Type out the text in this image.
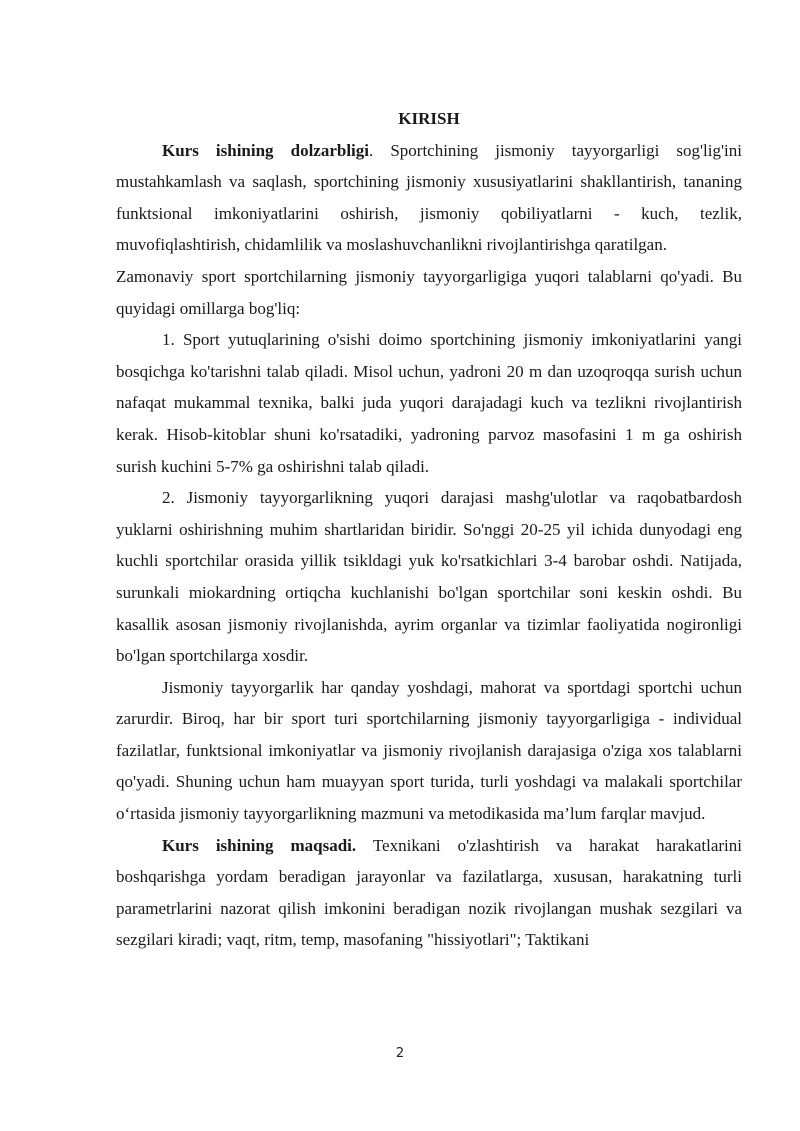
KIRISH

Kurs ishining dolzarbligi. Sportchining jismoniy tayyorgarligi sog'lig'ini mustahkamlash va saqlash, sportchining jismoniy xususiyatlarini shakllantirish, tananing funktsional imkoniyatlarini oshirish, jismoniy qobiliyatlarni - kuch, tezlik, muvofiqlashtirish, chidamlilik va moslashuvchanlikni rivojlantirishga qaratilgan.

Zamonaviy sport sportchilarning jismoniy tayyorgarligiga yuqori talablarni qo'yadi. Bu quyidagi omillarga bog'liq:

1. Sport yutuqlarining o'sishi doimo sportchining jismoniy imkoniyatlarini yangi bosqichga ko'tarishni talab qiladi. Misol uchun, yadroni 20 m dan uzoqroqqa surish uchun nafaqat mukammal texnika, balki juda yuqori darajadagi kuch va tezlikni rivojlantirish kerak. Hisob-kitoblar shuni ko'rsatadiki, yadroning parvoz masofasini 1 m ga oshirish surish kuchini 5-7% ga oshirishni talab qiladi.

2. Jismoniy tayyorgarlikning yuqori darajasi mashg'ulotlar va raqobatbardosh yuklarni oshirishning muhim shartlaridan biridir. So'nggi 20-25 yil ichida dunyodagi eng kuchli sportchilar orasida yillik tsikldagi yuk ko'rsatkichlari 3-4 barobar oshdi. Natijada, surunkali miokardning ortiqcha kuchlanishi bo'lgan sportchilar soni keskin oshdi. Bu kasallik asosan jismoniy rivojlanishda, ayrim organlar va tizimlar faoliyatida nogironligi bo'lgan sportchilarga xosdir.

Jismoniy tayyorgarlik har qanday yoshdagi, mahorat va sportdagi sportchi uchun zarurdir. Biroq, har bir sport turi sportchilarning jismoniy tayyorgarligiga - individual fazilatlar, funktsional imkoniyatlar va jismoniy rivojlanish darajasiga o'ziga xos talablarni qo'yadi. Shuning uchun ham muayyan sport turida, turli yoshdagi va malakali sportchilar o‘rtasida jismoniy tayyorgarlikning mazmuni va metodikasida ma’lum farqlar mavjud.

Kurs ishining maqsadi. Texnikani o'zlashtirish va harakat harakatlarini boshqarishga yordam beradigan jarayonlar va fazilatlarga, xususan, harakatning turli parametrlarini nazorat qilish imkonini beradigan nozik rivojlangan mushak sezgilari va sezgilari kiradi; vaqt, ritm, temp, masofaning "hissiyotlari"; Taktikani

2
